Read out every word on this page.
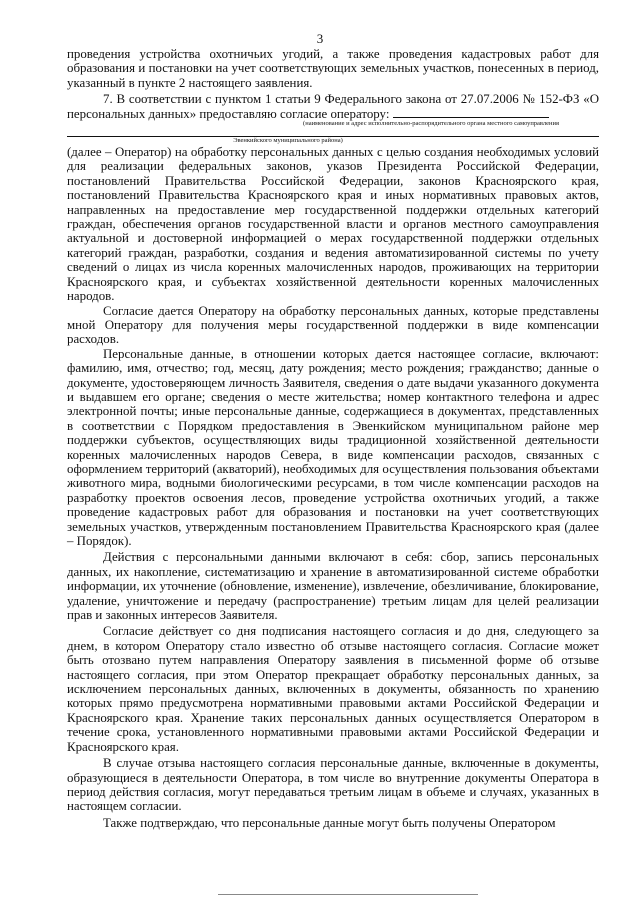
3

проведения устройства охотничьих угодий, а также проведения кадастровых работ для образования и постановки на учет соответствующих земельных участков, понесенных в период, указанный в пункте 2 настоящего заявления.

7. В соответствии с пунктом 1 статьи 9 Федерального закона от 27.07.2006 № 152-ФЗ «О персональных данных» предоставляю согласие оператору:

(наименование и адрес исполнительно-распорядительного органа местного самоуправления
Эвенкийского муниципального района)

(далее – Оператор) на обработку персональных данных с целью создания необходимых условий для реализации федеральных законов, указов Президента Российской Федерации, постановлений Правительства Российской Федерации, законов Красноярского края, постановлений Правительства Красноярского края и иных нормативных правовых актов, направленных на предоставление мер государственной поддержки отдельных категорий граждан, обеспечения органов государственной власти и органов местного самоуправления актуальной и достоверной информацией о мерах государственной поддержки отдельных категорий граждан, разработки, создания и ведения автоматизированной системы по учету сведений о лицах из числа коренных малочисленных народов, проживающих на территории Красноярского края, и субъектах хозяйственной деятельности коренных малочисленных народов.

Согласие дается Оператору на обработку персональных данных, которые представлены мной Оператору для получения меры государственной поддержки в виде компенсации расходов.

Персональные данные, в отношении которых дается настоящее согласие, включают: фамилию, имя, отчество; год, месяц, дату рождения; место рождения; гражданство; данные о документе, удостоверяющем личность Заявителя, сведения о дате выдачи указанного документа и выдавшем его органе; сведения о месте жительства; номер контактного телефона и адрес электронной почты; иные персональные данные, содержащиеся в документах, представленных в соответствии с Порядком предоставления в Эвенкийском муниципальном районе мер поддержки субъектов, осуществляющих виды традиционной хозяйственной деятельности коренных малочисленных народов Севера, в виде компенсации расходов, связанных с оформлением территорий (акваторий), необходимых для осуществления пользования объектами животного мира, водными биологическими ресурсами, в том числе компенсации расходов на разработку проектов освоения лесов, проведение устройства охотничьих угодий, а также проведение кадастровых работ для образования и постановки на учет соответствующих земельных участков, утвержденным постановлением Правительства Красноярского края (далее – Порядок).

Действия с персональными данными включают в себя: сбор, запись персональных данных, их накопление, систематизацию и хранение в автоматизированной системе обработки информации, их уточнение (обновление, изменение), извлечение, обезличивание, блокирование, удаление, уничтожение и передачу (распространение) третьим лицам для целей реализации прав и законных интересов Заявителя.

Согласие действует со дня подписания настоящего согласия и до дня, следующего за днем, в котором Оператору стало известно об отзыве настоящего согласия. Согласие может быть отозвано путем направления Оператору заявления в письменной форме об отзыве настоящего согласия, при этом Оператор прекращает обработку персональных данных, за исключением персональных данных, включенных в документы, обязанность по хранению которых прямо предусмотрена нормативными правовыми актами Российской Федерации и Красноярского края. Хранение таких персональных данных осуществляется Оператором в течение срока, установленного нормативными правовыми актами Российской Федерации и Красноярского края.

В случае отзыва настоящего согласия персональные данные, включенные в документы, образующиеся в деятельности Оператора, в том числе во внутренние документы Оператора в период действия согласия, могут передаваться третьим лицам в объеме и случаях, указанных в настоящем согласии.

Также подтверждаю, что персональные данные могут быть получены Оператором
